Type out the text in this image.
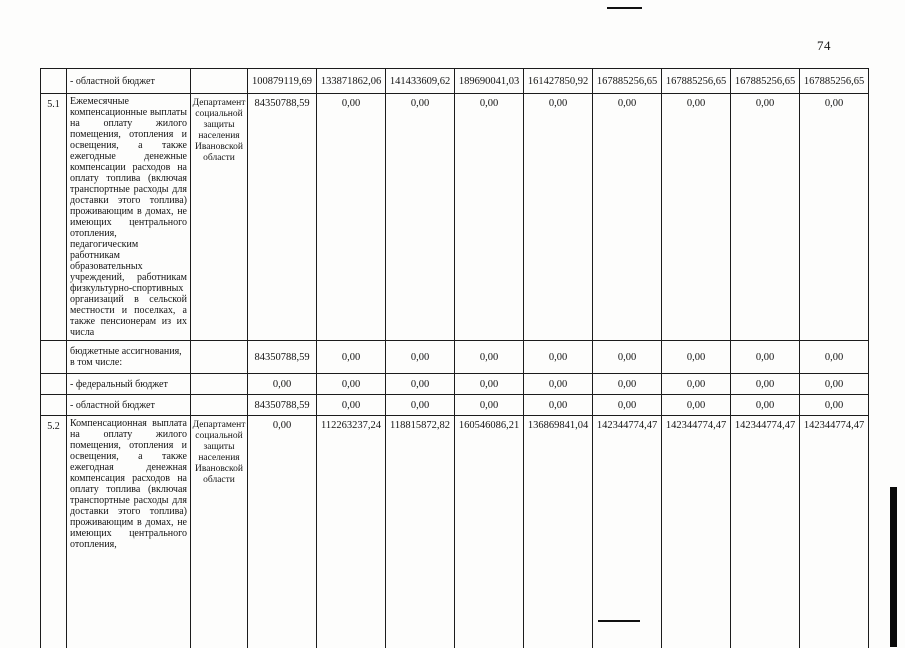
74
	- областной бюджет		100879119,69	133871862,06	141433609,62	189690041,03	161427850,92	167885256,65	167885256,65	167885256,65	167885256,65
5.1	Ежемесячные компенсационные выплаты на оплату жилого помещения, отопления и освещения, а также ежегодные денежные компенсации расходов на оплату топлива (включая транспортные расходы для доставки этого топлива) проживающим в домах, не имеющих центрального отопления, педагогическим работникам образовательных учреждений, работникам физкультурно-спортивных организаций в сельской местности и поселках, а также пенсионерам из их числа	Департамент социальной защиты населения Ивановской области	84350788,59	0,00	0,00	0,00	0,00	0,00	0,00	0,00	0,00
	бюджетные ассигнования, в том числе:		84350788,59	0,00	0,00	0,00	0,00	0,00	0,00	0,00	0,00
	- федеральный бюджет		0,00	0,00	0,00	0,00	0,00	0,00	0,00	0,00	0,00
	- областной бюджет		84350788,59	0,00	0,00	0,00	0,00	0,00	0,00	0,00	0,00
5.2	Компенсационная выплата на оплату жилого помещения, отопления и освещения, а также ежегодная денежная компенсация расходов на оплату топлива (включая транспортные расходы для доставки этого топлива) проживающим в домах, не имеющих центрального отопления,	Департамент социальной защиты населения Ивановской области	0,00	112263237,24	118815872,82	160546086,21	136869841,04	142344774,47	142344774,47	142344774,47	142344774,47
